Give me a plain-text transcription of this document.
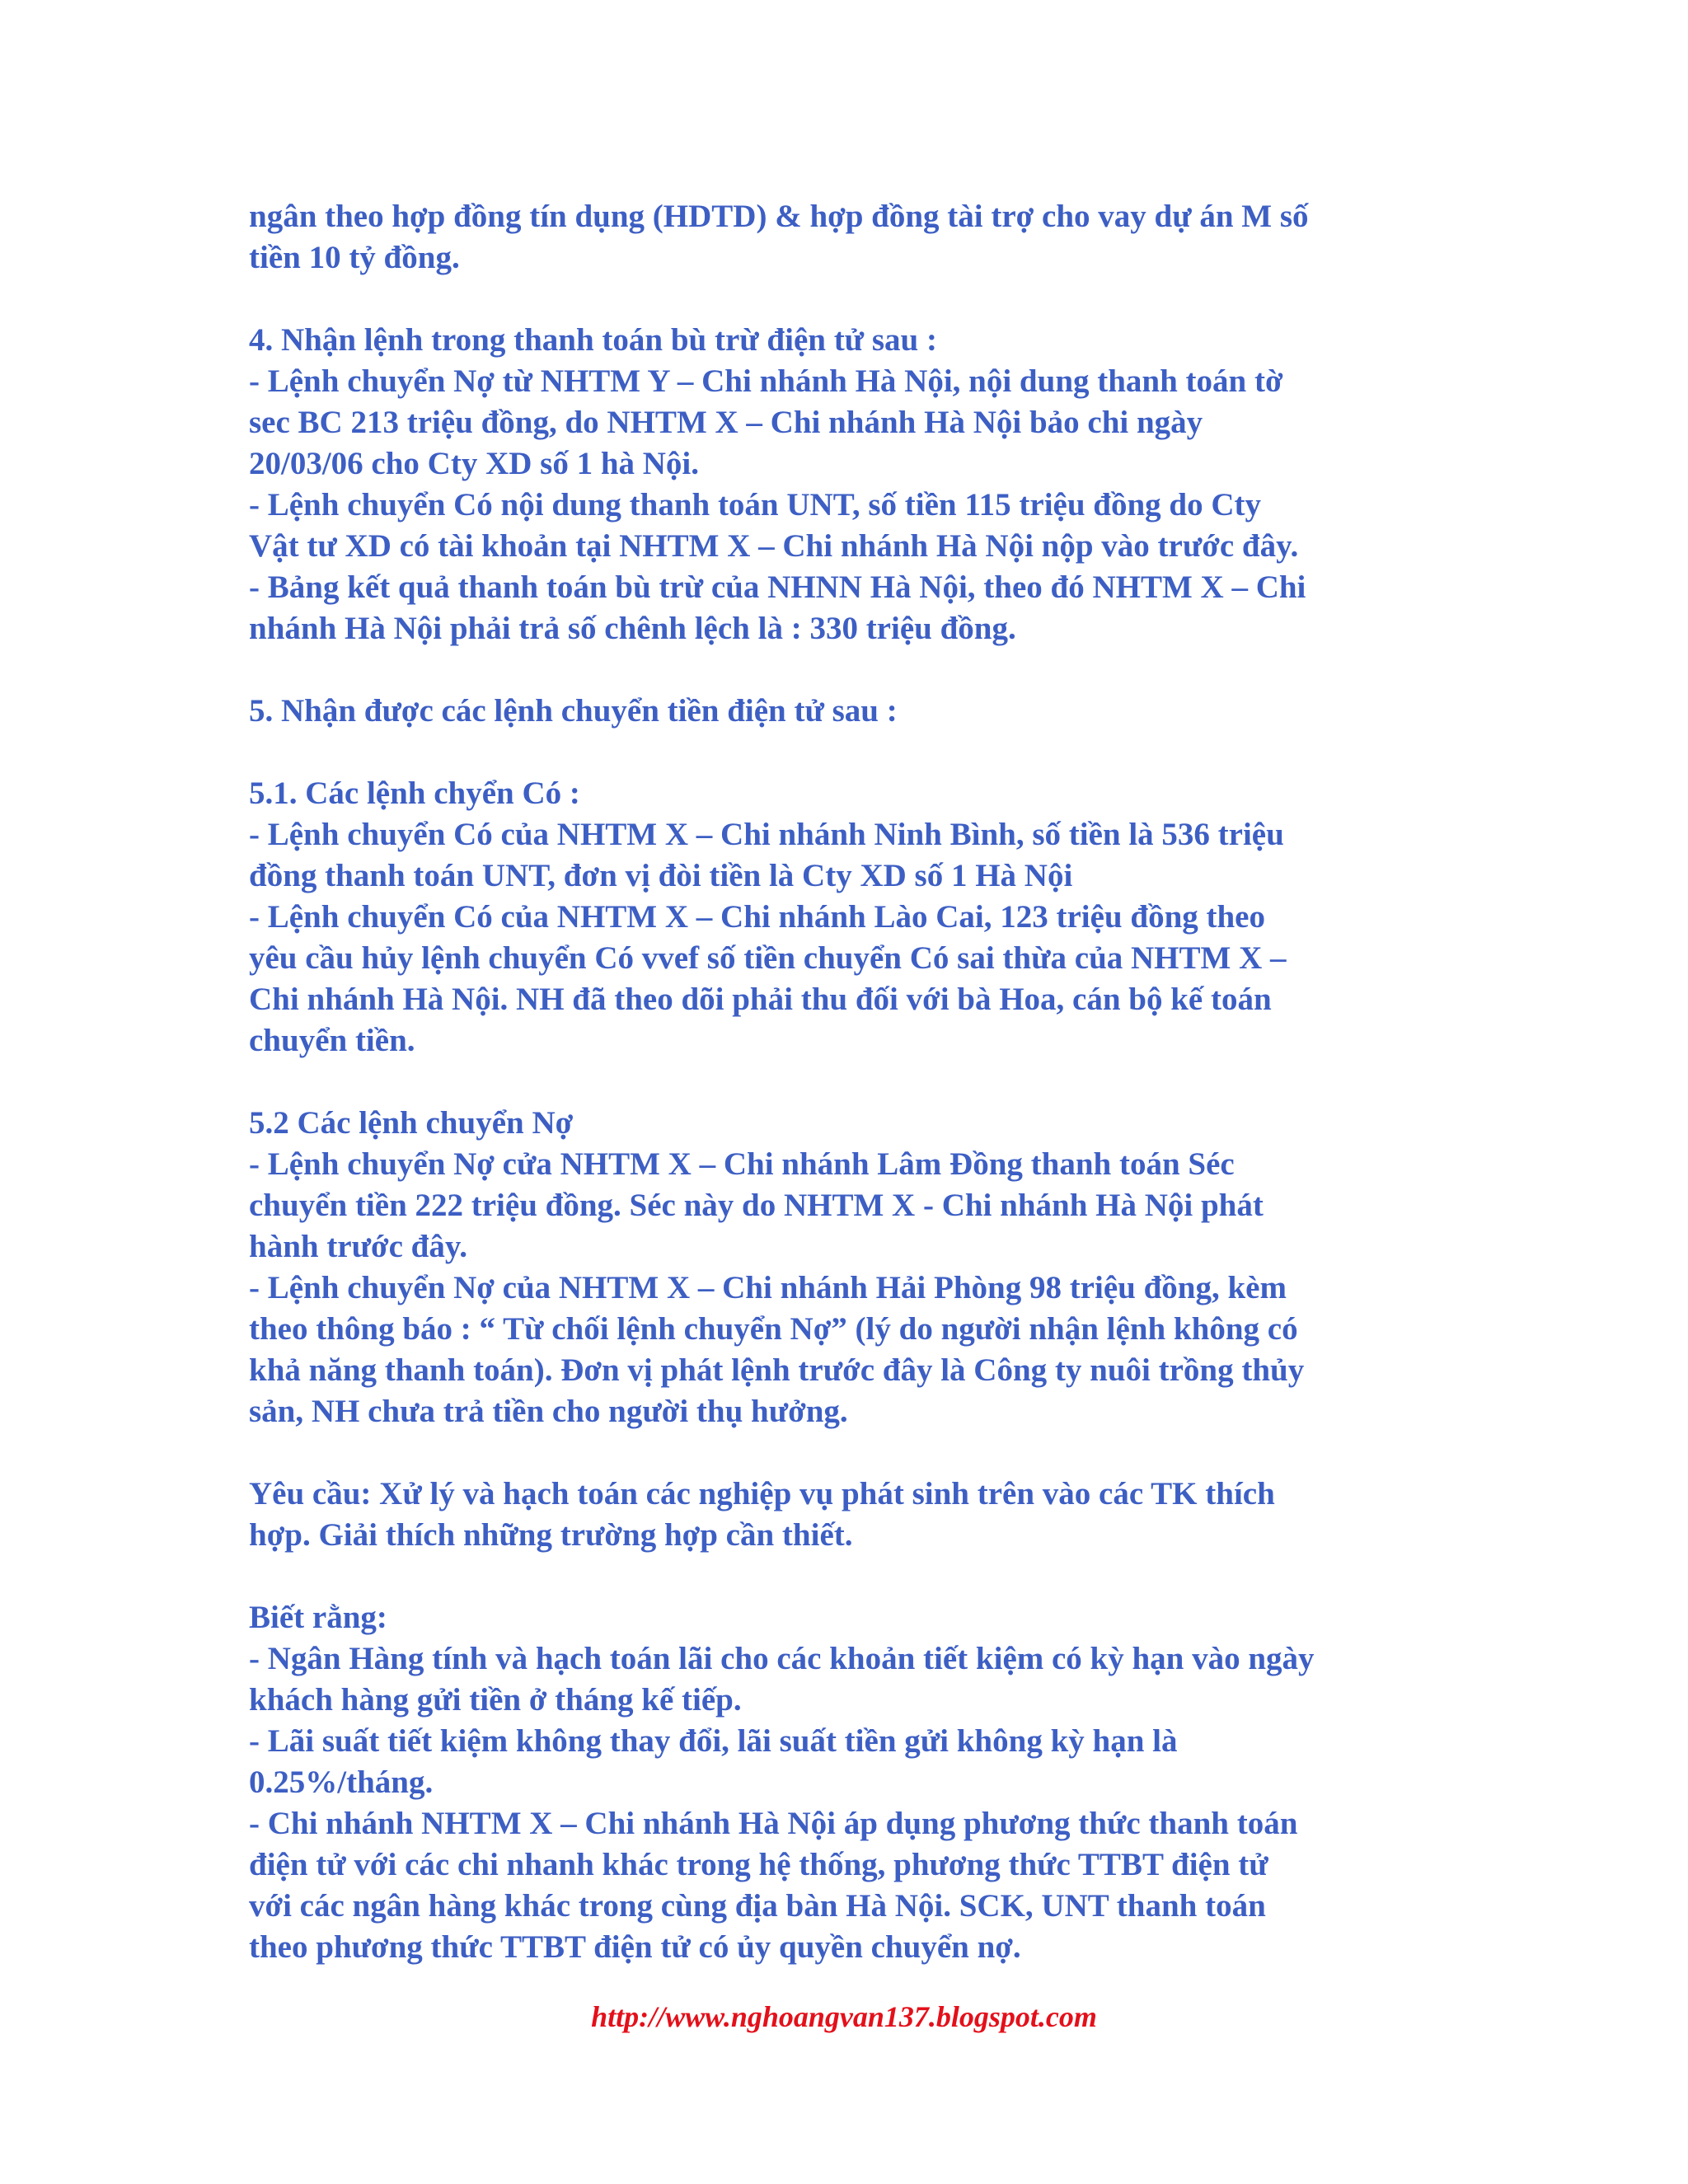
ngân theo hợp đồng tín dụng (HDTD) & hợp đồng tài trợ cho vay dự án M số
tiền 10 tỷ đồng.
4. Nhận lệnh trong thanh toán bù trừ điện tử sau :
- Lệnh chuyển Nợ từ NHTM Y – Chi nhánh Hà Nội, nội dung thanh toán tờ
sec BC 213 triệu đồng, do NHTM X – Chi nhánh Hà Nội bảo chi ngày
20/03/06 cho Cty XD số 1 hà Nội.
- Lệnh chuyển Có nội dung thanh toán UNT, số tiền 115 triệu đồng do Cty
Vật tư XD có tài khoản tại NHTM X – Chi nhánh Hà Nội nộp vào trước đây.
- Bảng kết quả thanh toán bù trừ của NHNN Hà Nội, theo đó NHTM X – Chi
nhánh Hà Nội phải trả số chênh lệch là : 330 triệu đồng.
5. Nhận được các lệnh chuyển tiền điện tử sau :
5.1. Các lệnh chyển Có :
- Lệnh chuyển Có của NHTM X – Chi nhánh Ninh Bình, số tiền là 536 triệu
đồng thanh toán UNT, đơn vị đòi tiền là Cty XD số 1 Hà Nội
- Lệnh chuyển Có của NHTM X – Chi nhánh Lào Cai, 123 triệu đồng theo
yêu cầu hủy lệnh chuyển Có vvef số tiền chuyển Có sai thừa của NHTM X –
Chi nhánh Hà Nội. NH đã theo dõi phải thu đối với bà Hoa, cán bộ kế toán
chuyển tiền.
5.2 Các lệnh chuyển Nợ
- Lệnh chuyển Nợ cửa NHTM X – Chi nhánh Lâm Đồng thanh toán Séc
chuyển tiền 222 triệu đồng. Séc này do NHTM X - Chi nhánh Hà Nội phát
hành trước đây.
- Lệnh chuyển Nợ của NHTM X – Chi nhánh Hải Phòng 98 triệu đồng, kèm
theo thông báo : “ Từ chối lệnh chuyển Nợ” (lý do người nhận lệnh không có
khả năng thanh toán). Đơn vị phát lệnh trước đây là Công ty nuôi trồng thủy
sản, NH chưa trả tiền cho người thụ hưởng.
Yêu cầu: Xử lý và hạch toán các nghiệp vụ phát sinh trên vào các TK thích
hợp. Giải thích những trường hợp cần thiết.
Biết rằng:
- Ngân Hàng tính và hạch toán lãi cho các khoản tiết kiệm có kỳ hạn vào ngày
khách hàng gửi tiền ở tháng kế tiếp.
- Lãi suất tiết kiệm không thay đổi, lãi suất tiền gửi không kỳ hạn là
0.25%/tháng.
- Chi nhánh NHTM X – Chi nhánh Hà Nội áp dụng phương thức thanh toán
điện tử với các chi nhanh khác trong hệ thống, phương thức TTBT điện tử
với các ngân hàng khác trong cùng địa bàn Hà Nội. SCK, UNT thanh toán
theo phương thức TTBT điện tử có ủy quyền chuyển nợ.
http://www.nghoangvan137.blogspot.com
